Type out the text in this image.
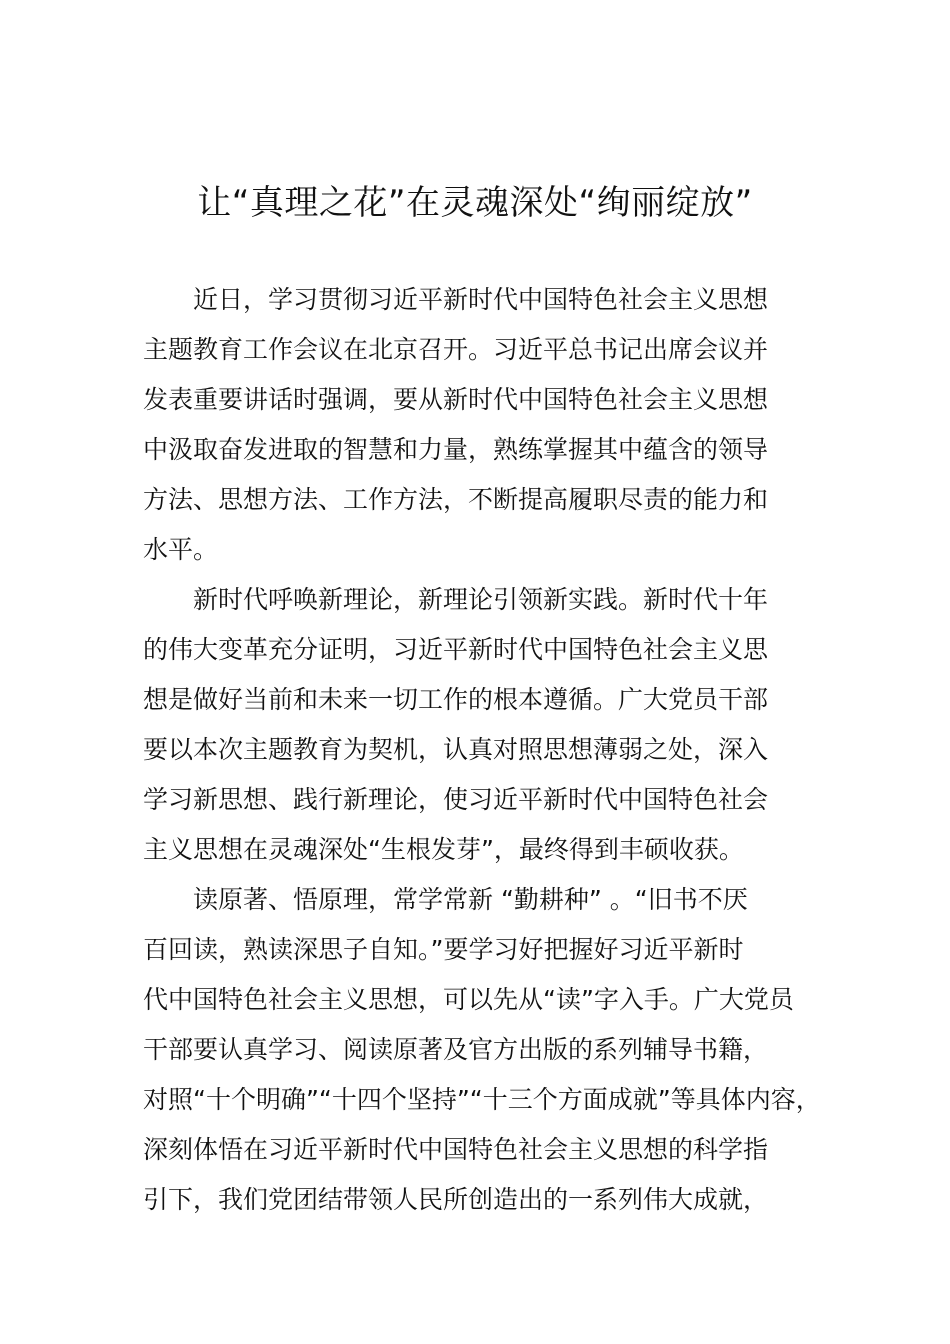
让“真理之花”在灵魂深处“绚丽绽放”
近日，学习贯彻习近平新时代中国特色社会主义思想
主题教育工作会议在北京召开。习近平总书记出席会议并
发表重要讲话时强调，要从新时代中国特色社会主义思想
中汲取奋发进取的智慧和力量，熟练掌握其中蕴含的领导
方法、思想方法、工作方法，不断提高履职尽责的能力和
水平。
新时代呼唤新理论，新理论引领新实践。新时代十年
的伟大变革充分证明，习近平新时代中国特色社会主义思
想是做好当前和未来一切工作的根本遵循。广大党员干部
要以本次主题教育为契机，认真对照思想薄弱之处，深入
学习新思想、践行新理论，使习近平新时代中国特色社会
主义思想在灵魂深处“生根发芽”，最终得到丰硕收获。
读原著、悟原理，常学常新 “勤耕种” 。“旧书不厌
百回读，熟读深思子自知。”要学习好把握好习近平新时
代中国特色社会主义思想，可以先从“读”字入手。广大党员
干部要认真学习、阅读原著及官方出版的系列辅导书籍，
对照“十个明确”“十四个坚持”“十三个方面成就”等具体内容，
深刻体悟在习近平新时代中国特色社会主义思想的科学指
引下，我们党团结带领人民所创造出的一系列伟大成就，
